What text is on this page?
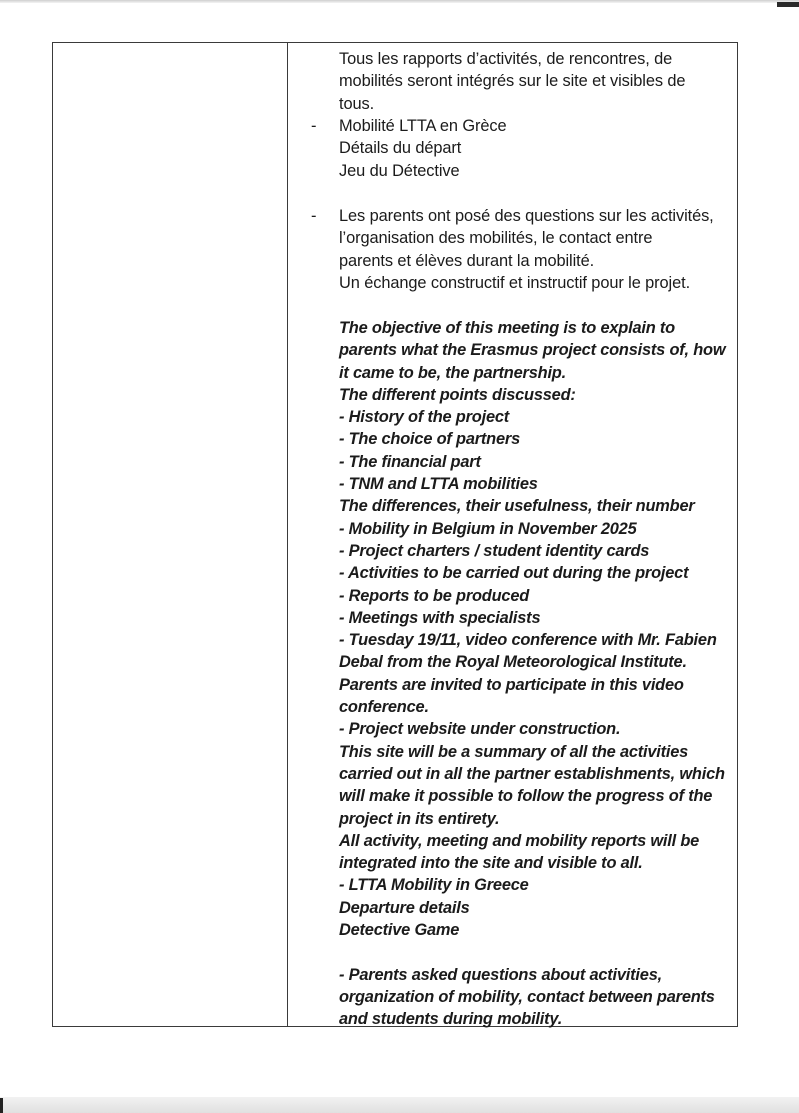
Tous les rapports d’activités, de rencontres, de
mobilités seront intégrés sur le site et visibles de
tous.
- Mobilité LTTA en Grèce
Détails du départ
Jeu du Détective
- Les parents ont posé des questions sur les activités,
l’organisation des mobilités, le contact entre
parents et élèves durant la mobilité.
Un échange constructif et instructif pour le projet.
The objective of this meeting is to explain to
parents what the Erasmus project consists of, how
it came to be, the partnership.
The different points discussed:
- History of the project
- The choice of partners
- The financial part
- TNM and LTTA mobilities
The differences, their usefulness, their number
- Mobility in Belgium in November 2025
- Project charters / student identity cards
- Activities to be carried out during the project
- Reports to be produced
- Meetings with specialists
- Tuesday 19/11, video conference with Mr. Fabien
Debal from the Royal Meteorological Institute.
Parents are invited to participate in this video
conference.
- Project website under construction.
This site will be a summary of all the activities
carried out in all the partner establishments, which
will make it possible to follow the progress of the
project in its entirety.
All activity, meeting and mobility reports will be
integrated into the site and visible to all.
- LTTA Mobility in Greece
Departure details
Detective Game

- Parents asked questions about activities,
organization of mobility, contact between parents
and students during mobility.
